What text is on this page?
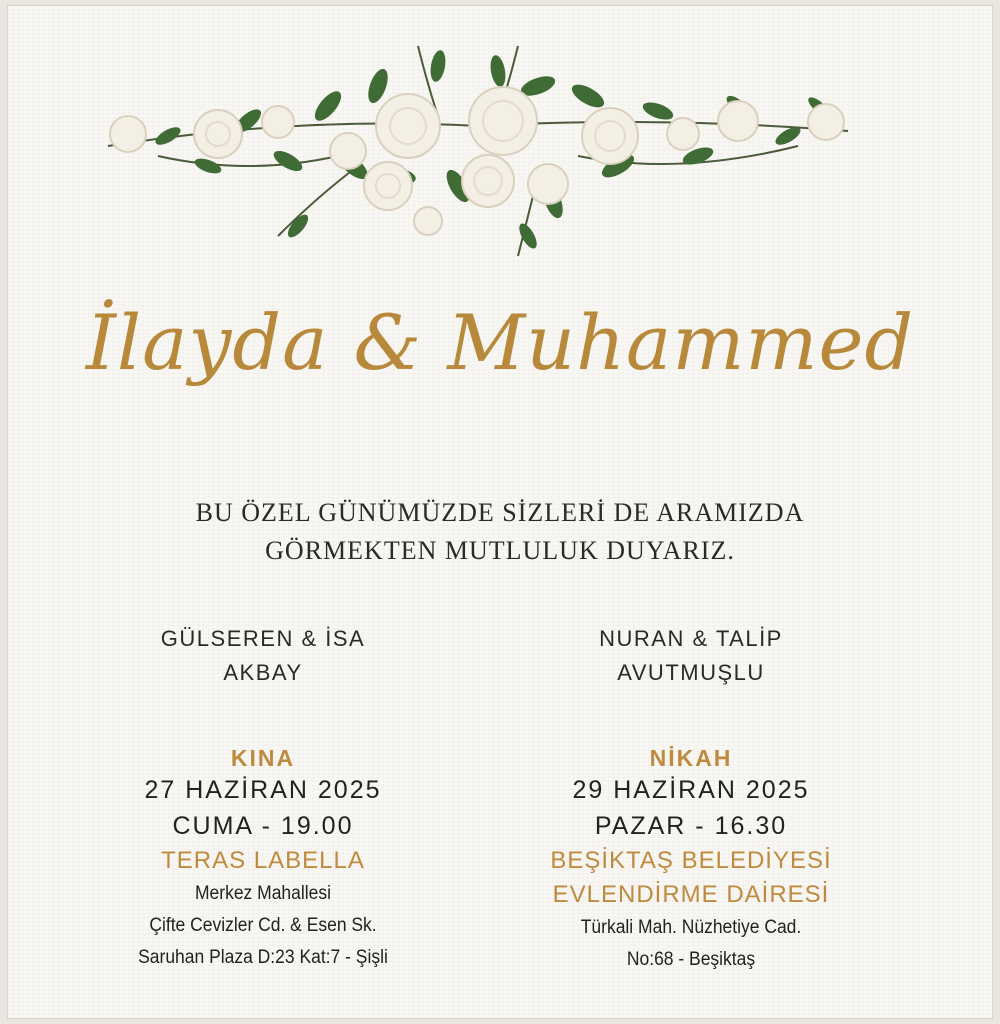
İlayda & Muhammed
BU ÖZEL GÜNÜMÜZDE SİZLERİ DE ARAMIZDA
GÖRMEKTEN MUTLULUK DUYARIZ.
GÜLSEREN & İSA
AKBAY
NURAN & TALİP
AVUTMUŞLU
KINA
27 HAZİRAN 2025
CUMA - 19.00
TERAS LABELLA
Merkez Mahallesi
Çifte Cevizler Cd. & Esen Sk.
Saruhan Plaza D:23 Kat:7 - Şişli
NİKAH
29 HAZİRAN 2025
PAZAR - 16.30
BEŞİKTAŞ BELEDİYESİ
EVLENDİRME DAİRESİ
Türkali Mah. Nüzhetiye Cad.
No:68 - Beşiktaş
